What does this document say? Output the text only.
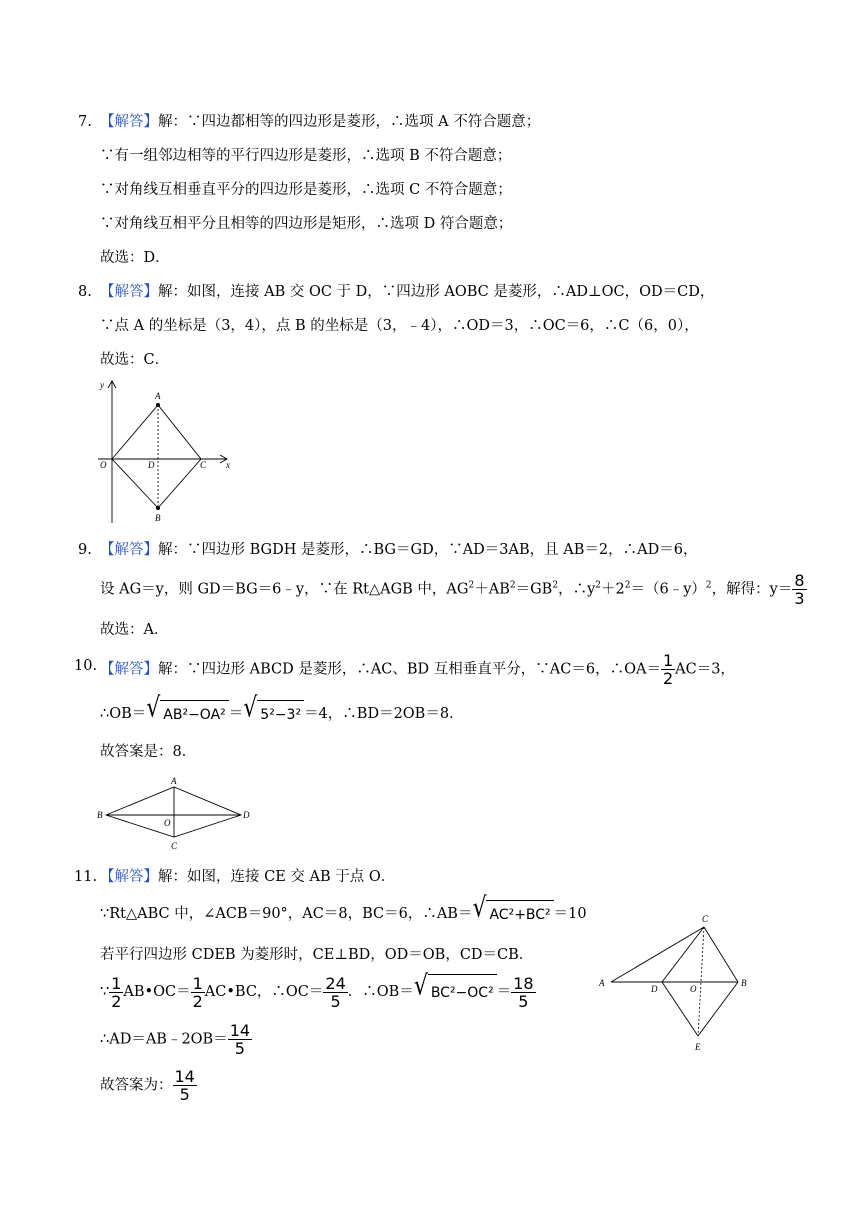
7. 【解答】解：∵四边都相等的四边形是菱形，∴选项 A 不符合题意；
∵有一组邻边相等的平行四边形是菱形，∴选项 B 不符合题意；
∵对角线互相垂直平分的四边形是菱形，∴选项 C 不符合题意；
∵对角线互相平分且相等的四边形是矩形，∴选项 D 符合题意；
故选：D．
8. 【解答】解：如图，连接 AB 交 OC 于 D，∵四边形 AOBC 是菱形，∴AD⊥OC，OD＝CD，
∵点 A 的坐标是（3，4），点 B 的坐标是（3，﹣4），∴OD＝3，∴OC＝6，∴C（6，0），
故选：C．
y
x
O
A
B
C
D
9. 【解答】解：∵四边形 BGDH 是菱形，∴BG＝GD，∵AD＝3AB，且 AB＝2，∴AD＝6，
设 AG＝y，则 GD＝BG＝6﹣y，∵在 Rt△AGB 中，$AG^2+AB^2=GB^2$，$\therefore y^2+2^2=(6﹣y)^2$，解得：$y= \frac{8}{3}$
故选：A．
10. 【解答】解：∵四边形 ABCD 是菱形，∴AC、BD 互相垂直平分，∵AC＝6，∴OA＝ $\frac{1}{2} AC=3$，
∴OB＝ √ AB²−OA² ＝ √ 5²−3² ＝4，∴BD＝2OB＝8．
故答案是：8．
A
B
C
D
O
11. 【解答】解：如图，连接 CE 交 AB 于点 O．
∵Rt△ABC 中，∠ACB＝90°，AC＝8，BC＝6，∴AB＝ √ AC²+BC² ＝10
若平行四边形 CDEB 为菱形时，CE⊥BD，OD＝OB，CD＝CB．
∵ $\frac{1}{2}$ AB•OC＝ $\frac{1}{2}$ AC•BC，∴OC＝ $\frac{24}{5}$ ．∴OB＝ √ $BC^2-OC^2 = \frac{18}{5}$
∴AD＝AB﹣2OB＝ $\frac{14}{5}$
故答案为： $\frac{14}{5}$
C
A
D	O
B
E
